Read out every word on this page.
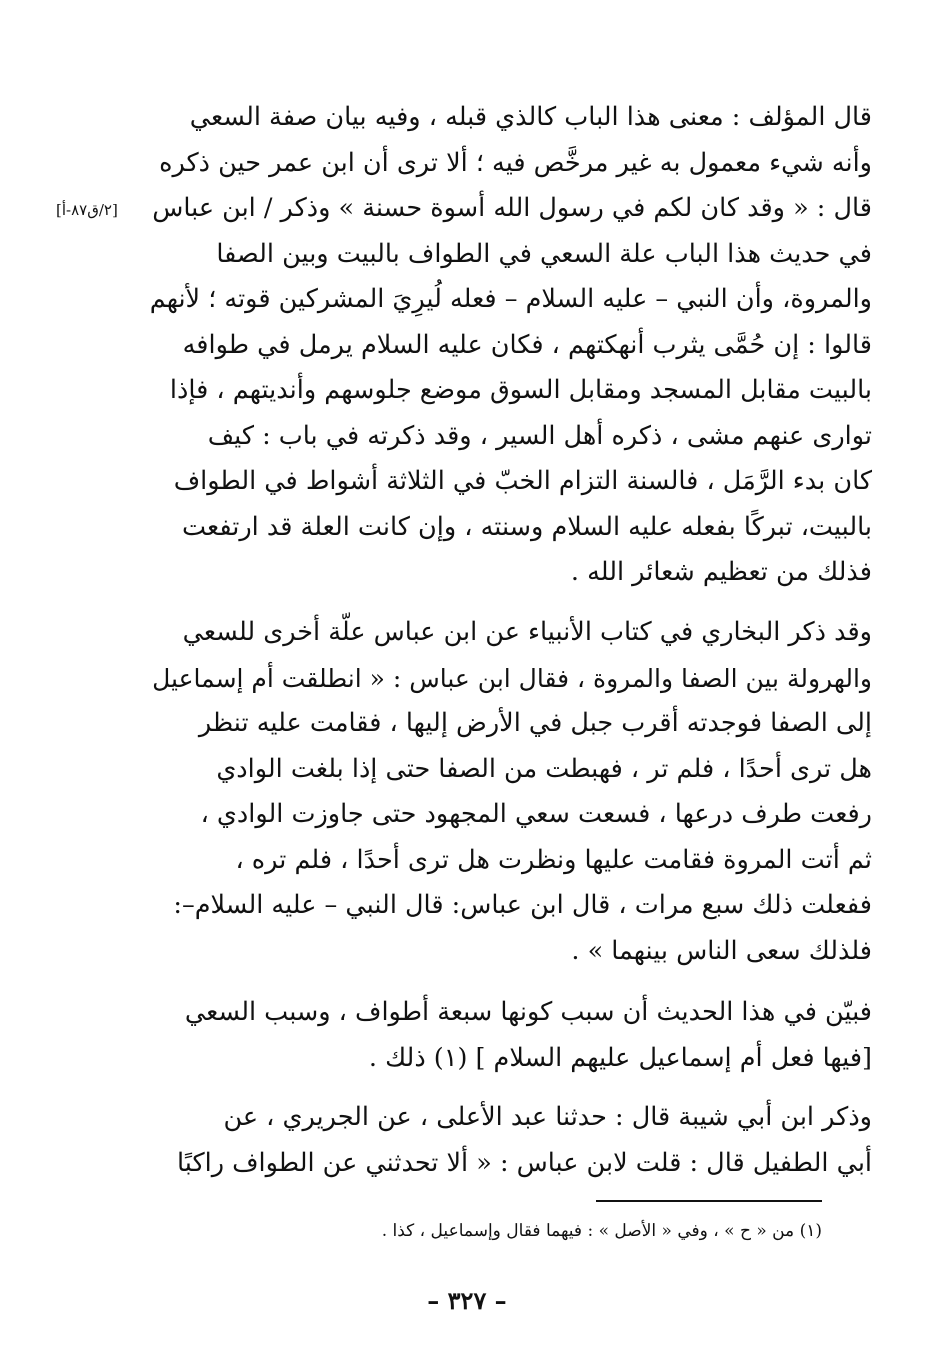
[٢/ق٨٧-أ]
قال المؤلف : معنى هذا الباب كالذي قبله ، وفيه بيان صفة السعي
وأنه شيء معمول به غير مرخَّص فيه ؛ ألا ترى أن ابن عمر حين ذكره
قال : « وقد كان لكم في رسول الله أسوة حسنة » وذكر / ابن عباس
في حديث هذا الباب علة السعي في الطواف بالبيت وبين الصفا
والمروة، وأن النبي – عليه السلام – فعله لُيرِيَ المشركين قوته ؛ لأنهم
قالوا : إن حُمَّى يثرب أنهكتهم ، فكان عليه السلام يرمل في طوافه
بالبيت مقابل المسجد ومقابل السوق موضع جلوسهم وأنديتهم ، فإذا
توارى عنهم مشى ، ذكره أهل السير ، وقد ذكرته في باب : كيف
كان بدء الرَّمَل ، فالسنة التزام الخبّ في الثلاثة أشواط في الطواف
بالبيت، تبركًا بفعله عليه السلام وسنته ، وإن كانت العلة قد ارتفعت
فذلك من تعظيم شعائر الله .
وقد ذكر البخاري في كتاب الأنبياء عن ابن عباس علّة أخرى للسعي
والهرولة بين الصفا والمروة ، فقال ابن عباس : « انطلقت أم إسماعيل
إلى الصفا فوجدته أقرب جبل في الأرض إليها ، فقامت عليه تنظر
هل ترى أحدًا ، فلم تر ، فهبطت من الصفا حتى إذا بلغت الوادي
رفعت طرف درعها ، فسعت سعي المجهود حتى جاوزت الوادي ،
ثم أتت المروة فقامت عليها ونظرت هل ترى أحدًا ، فلم تره ،
ففعلت ذلك سبع مرات ، قال ابن عباس: قال النبي – عليه السلام–:
فلذلك سعى الناس بينهما » .
فبيّن في هذا الحديث أن سبب كونها سبعة أطواف ، وسبب السعي
[فيها فعل أم إسماعيل عليهم السلام ] (١) ذلك .
وذكر ابن أبي شيبة قال : حدثنا عبد الأعلى ، عن الجريري ، عن
أبي الطفيل قال : قلت لابن عباس : « ألا تحدثني عن الطواف راكبًا
(١) من « ح » ، وفي « الأصل » : فيهما فقال وإسماعيل ، كذا .
– ٣٢٧ –
